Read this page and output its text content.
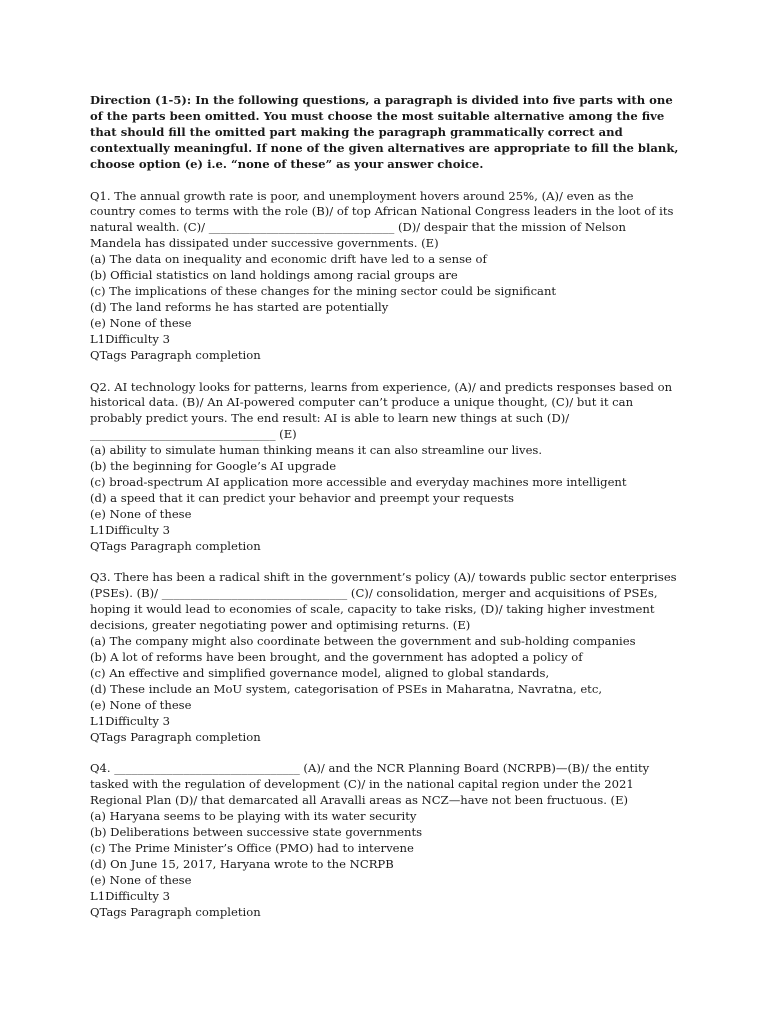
Direction (1-5): In the following questions, a paragraph is divided into five parts with one of the parts been omitted. You must choose the most suitable alternative among the five that should fill the omitted part making the paragraph grammatically correct and contextually meaningful. If none of the given alternatives are appropriate to fill the blank, choose option (e) i.e. “none of these” as your answer choice.

Q1. The annual growth rate is poor, and unemployment hovers around 25%, (A)/ even as the country comes to terms with the role (B)/ of top African National Congress leaders in the loot of its natural wealth. (C)/ ________________________________ (D)/ despair that the mission of Nelson Mandela has dissipated under successive governments. (E)
(a) The data on inequality and economic drift have led to a sense of
(b) Official statistics on land holdings among racial groups are
(c) The implications of these changes for the mining sector could be significant
(d) The land reforms he has started are potentially
(e) None of these
L1Difficulty 3
QTags Paragraph completion
Q2. AI technology looks for patterns, learns from experience, (A)/ and predicts responses based on historical data. (B)/ An AI-powered computer can’t produce a unique thought, (C)/ but it can probably predict yours. The end result: AI is able to learn new things at such (D)/ ________________________________ (E)
(a) ability to simulate human thinking means it can also streamline our lives.
(b) the beginning for Google’s AI upgrade
(c) broad-spectrum AI application more accessible and everyday machines more intelligent
(d) a speed that it can predict your behavior and preempt your requests
(e) None of these
L1Difficulty 3
QTags Paragraph completion
Q3. There has been a radical shift in the government’s policy (A)/ towards public sector enterprises (PSEs). (B)/ ________________________________ (C)/ consolidation, merger and acquisitions of PSEs, hoping it would lead to economies of scale, capacity to take risks, (D)/ taking higher investment decisions, greater negotiating power and optimising returns. (E)
(a) The company might also coordinate between the government and sub-holding companies
(b) A lot of reforms have been brought, and the government has adopted a policy of
(c) An effective and simplified governance model, aligned to global standards,
(d) These include an MoU system, categorisation of PSEs in Maharatna, Navratna, etc,
(e) None of these
L1Difficulty 3
QTags Paragraph completion
Q4. ________________________________ (A)/ and the NCR Planning Board (NCRPB)—(B)/ the entity tasked with the regulation of development (C)/ in the national capital region under the 2021 Regional Plan (D)/ that demarcated all Aravalli areas as NCZ—have not been fructuous. (E)
(a) Haryana seems to be playing with its water security
(b) Deliberations between successive state governments
(c) The Prime Minister’s Office (PMO) had to intervene
(d) On June 15, 2017, Haryana wrote to the NCRPB
(e) None of these
L1Difficulty 3
QTags Paragraph completion
